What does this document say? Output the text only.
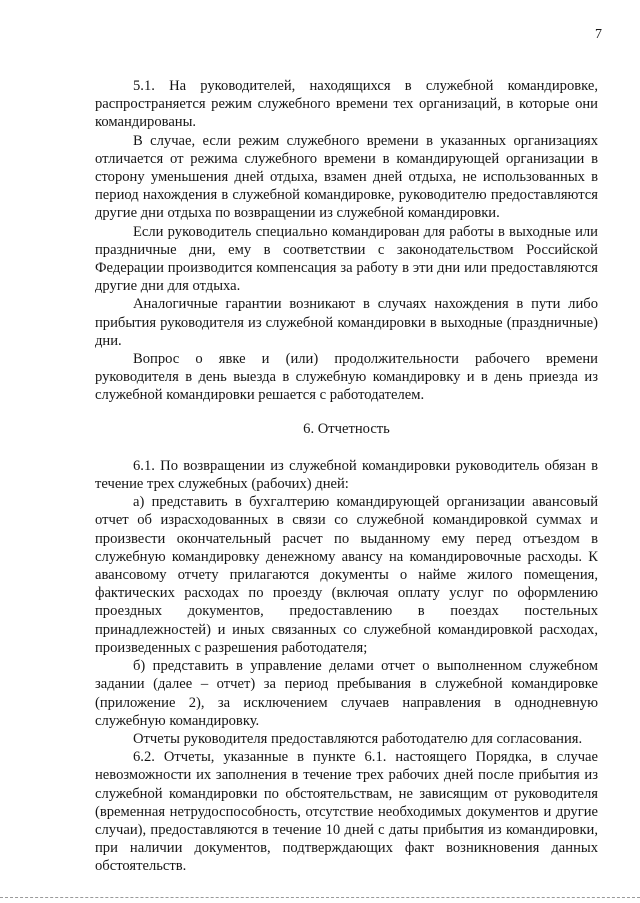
7

5.1. На руководителей, находящихся в служебной командировке, распространяется режим служебного времени тех организаций, в которые они командированы.

В случае, если режим служебного времени в указанных организациях отличается от режима служебного времени в командирующей организации в сторону уменьшения дней отдыха, взамен дней отдыха, не использованных в период нахождения в служебной командировке, руководителю предоставляются другие дни отдыха по возвращении из служебной командировки.

Если руководитель специально командирован для работы в выходные или праздничные дни, ему в соответствии с законодательством Российской Федерации производится компенсация за работу в эти дни или предоставляются другие дни для отдыха.

Аналогичные гарантии возникают в случаях нахождения в пути либо прибытия руководителя из служебной командировки в выходные (праздничные) дни.

Вопрос о явке и (или) продолжительности рабочего времени руководителя в день выезда в служебную командировку и в день приезда из служебной командировки решается с работодателем.

6. Отчетность

6.1. По возвращении из служебной командировки руководитель обязан в течение трех служебных (рабочих) дней:

а) представить в бухгалтерию командирующей организации авансовый отчет об израсходованных в связи со служебной командировкой суммах и произвести окончательный расчет по выданному ему перед отъездом в служебную командировку денежному авансу на командировочные расходы. К авансовому отчету прилагаются документы о найме жилого помещения, фактических расходах по проезду (включая оплату услуг по оформлению проездных документов, предоставлению в поездах постельных принадлежностей) и иных связанных со служебной командировкой расходах, произведенных с разрешения работодателя;

б) представить в управление делами отчет о выполненном служебном задании (далее – отчет) за период пребывания в служебной командировке (приложение 2), за исключением случаев направления в однодневную служебную командировку.

Отчеты руководителя предоставляются работодателю для согласования.

6.2. Отчеты, указанные в пункте 6.1. настоящего Порядка, в случае невозможности их заполнения в течение трех рабочих дней после прибытия из служебной командировки по обстоятельствам, не зависящим от руководителя (временная нетрудоспособность, отсутствие необходимых документов и другие случаи), предоставляются в течение 10 дней с даты прибытия из командировки, при наличии документов, подтверждающих факт возникновения данных обстоятельств.
